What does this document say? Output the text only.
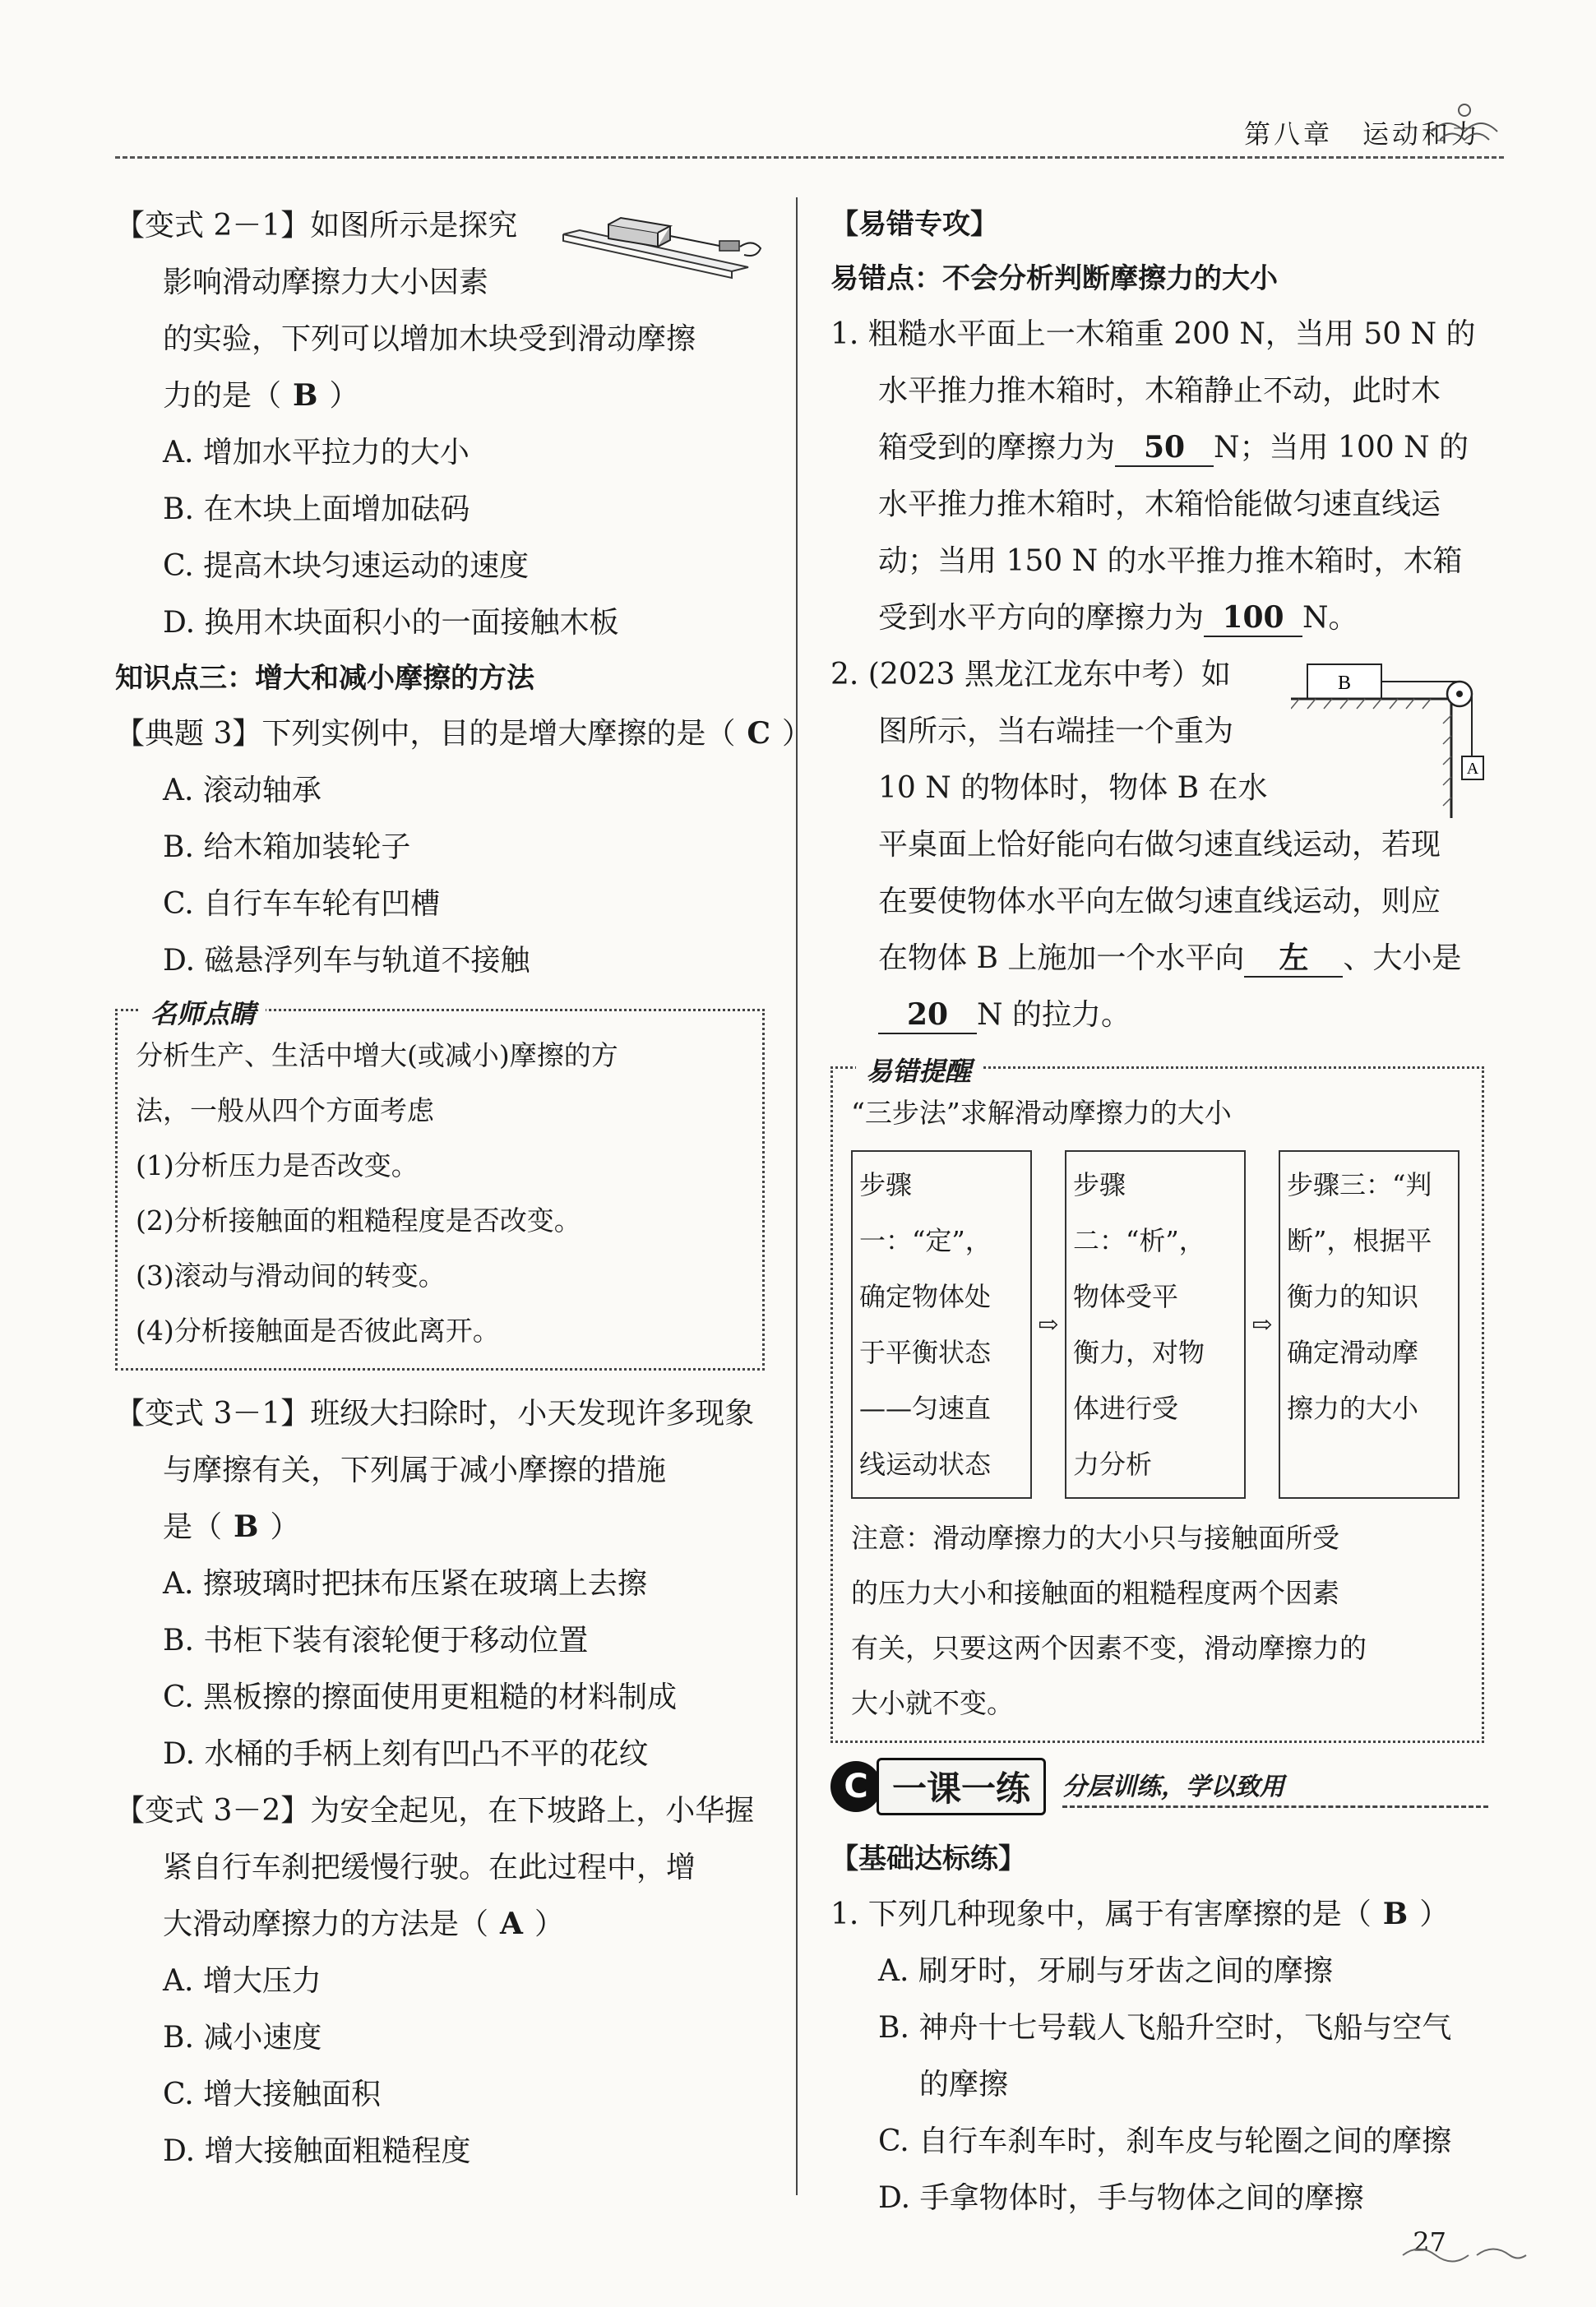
第八章　运动和力
【变式 2－1】如图所示是探究
影响滑动摩擦力大小因素
的实验，下列可以增加木块受到滑动摩擦
力的是（ B ）
A. 增加水平拉力的大小
B. 在木块上面增加砝码
C. 提高木块匀速运动的速度
D. 换用木块面积小的一面接触木板
知识点三：增大和减小摩擦的方法
【典题 3】下列实例中，目的是增大摩擦的是（ C ）
A. 滚动轴承
B. 给木箱加装轮子
C. 自行车车轮有凹槽
D. 磁悬浮列车与轨道不接触
名师点睛
分析生产、生活中增大(或减小)摩擦的方
法，一般从四个方面考虑
(1)分析压力是否改变。
(2)分析接触面的粗糙程度是否改变。
(3)滚动与滑动间的转变。
(4)分析接触面是否彼此离开。
【变式 3－1】班级大扫除时，小天发现许多现象
与摩擦有关，下列属于减小摩擦的措施
是（ B ）
A. 擦玻璃时把抹布压紧在玻璃上去擦
B. 书柜下装有滚轮便于移动位置
C. 黑板擦的擦面使用更粗糙的材料制成
D. 水桶的手柄上刻有凹凸不平的花纹
【变式 3－2】为安全起见，在下坡路上，小华握
紧自行车刹把缓慢行驶。在此过程中，增
大滑动摩擦力的方法是（ A ）
A. 增大压力
B. 减小速度
C. 增大接触面积
D. 增大接触面粗糙程度
【易错专攻】
易错点：不会分析判断摩擦力的大小
1. 粗糙水平面上一木箱重 200 N，当用 50 N 的
水平推力推木箱时，木箱静止不动，此时木
箱受到的摩擦力为 50 N；当用 100 N 的
水平推力推木箱时，木箱恰能做匀速直线运
动；当用 150 N 的水平推力推木箱时，木箱
受到水平方向的摩擦力为 100 N。
2. (2023 黑龙江龙东中考）如
图所示，当右端挂一个重为
10 N 的物体时，物体 B 在水
平桌面上恰好能向右做匀速直线运动，若现
在要使物体水平向左做匀速直线运动，则应
在物体 B 上施加一个水平向 左 、大小是
20 N 的拉力。
易错提醒
“三步法”求解滑动摩擦力的大小
步骤一：“定”，
确定物体处
于平衡状态
——匀速直
线运动状态
⇨
步骤二：“析”，
物体受平
衡力，对物
体进行受
力分析
⇨
步骤三：“判
断”，根据平
衡力的知识
确定滑动摩
擦力的大小
注意：滑动摩擦力的大小只与接触面所受
的压力大小和接触面的粗糙程度两个因素
有关，只要这两个因素不变，滑动摩擦力的
大小就不变。
C 一课一练	分层训练，学以致用
【基础达标练】
1. 下列几种现象中，属于有害摩擦的是（ B ）
A. 刷牙时，牙刷与牙齿之间的摩擦
B. 神舟十七号载人飞船升空时，飞船与空气
的摩擦
C. 自行车刹车时，刹车皮与轮圈之间的摩擦
D. 手拿物体时，手与物体之间的摩擦
B
A
27
